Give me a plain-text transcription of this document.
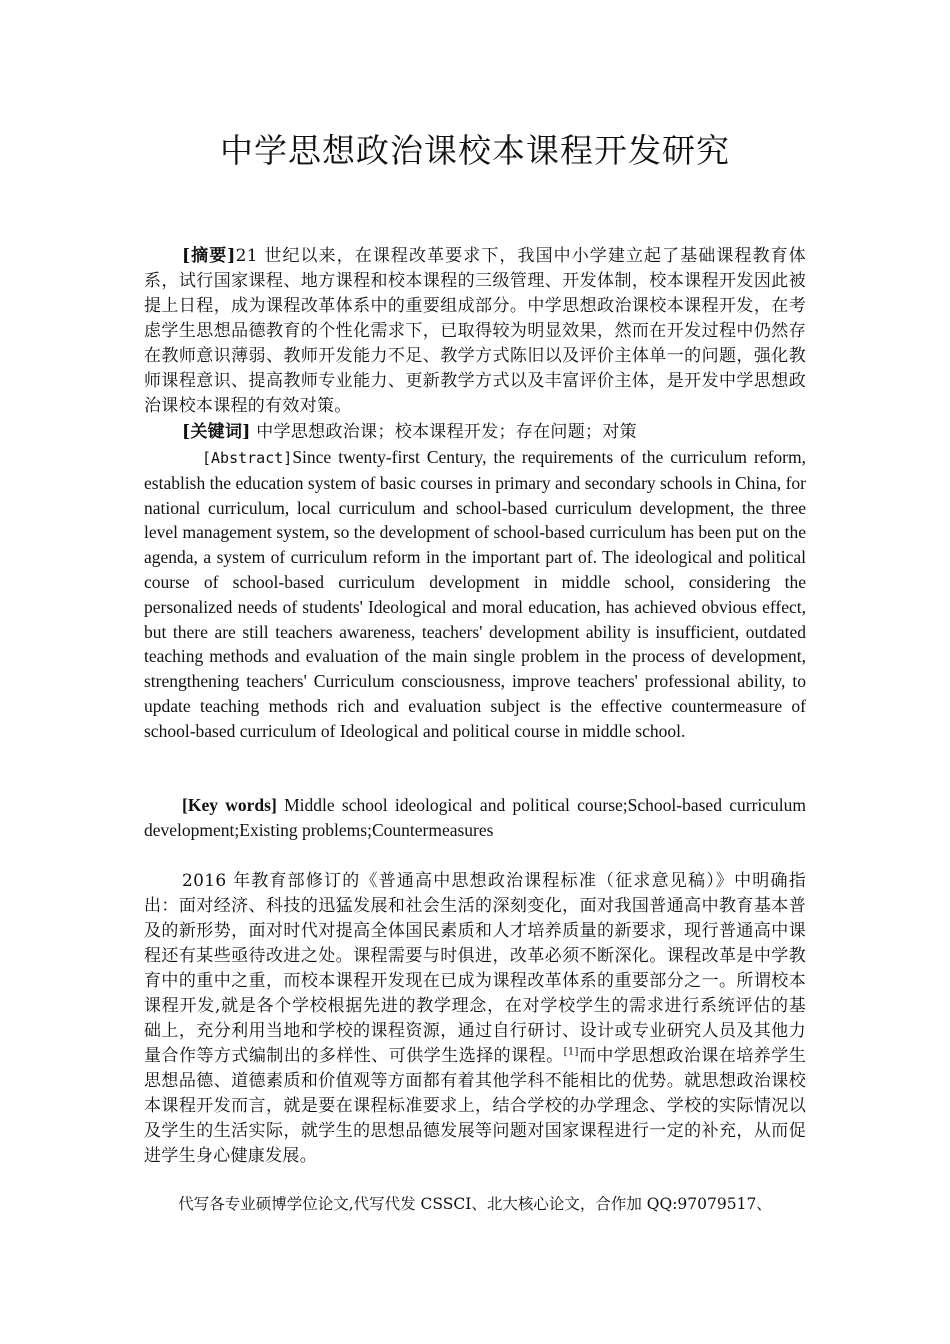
中学思想政治课校本课程开发研究
[摘要]21 世纪以来，在课程改革要求下，我国中小学建立起了基础课程教育体系，试行国家课程、地方课程和校本课程的三级管理、开发体制，校本课程开发因此被提上日程，成为课程改革体系中的重要组成部分。中学思想政治课校本课程开发，在考虑学生思想品德教育的个性化需求下，已取得较为明显效果，然而在开发过程中仍然存在教师意识薄弱、教师开发能力不足、教学方式陈旧以及评价主体单一的问题，强化教师课程意识、提高教师专业能力、更新教学方式以及丰富评价主体，是开发中学思想政治课校本课程的有效对策。
[关键词] 中学思想政治课；校本课程开发；存在问题；对策
[Abstract]Since twenty-first Century, the requirements of the curriculum reform, establish the education system of basic courses in primary and secondary schools in China, for national curriculum, local curriculum and school-based curriculum development, the three level management system, so the development of school-based curriculum has been put on the agenda, a system of curriculum reform in the important part of. The ideological and political course of school-based curriculum development in middle school, considering the personalized needs of students' Ideological and moral education, has achieved obvious effect, but there are still teachers awareness, teachers' development ability is insufficient, outdated teaching methods and evaluation of the main single problem in the process of development, strengthening teachers' Curriculum consciousness, improve teachers' professional ability, to update teaching methods rich and evaluation subject is the effective countermeasure of school-based curriculum of Ideological and political course in middle school.
[Key words] Middle school ideological and political course;School-based curriculum development;Existing problems;Countermeasures
2016 年教育部修订的《普通高中思想政治课程标准（征求意见稿）》中明确指出：面对经济、科技的迅猛发展和社会生活的深刻变化，面对我国普通高中教育基本普及的新形势，面对时代对提高全体国民素质和人才培养质量的新要求，现行普通高中课程还有某些亟待改进之处。课程需要与时俱进，改革必须不断深化。课程改革是中学教育中的重中之重，而校本课程开发现在已成为课程改革体系的重要部分之一。所谓校本课程开发,就是各个学校根据先进的教学理念，在对学校学生的需求进行系统评估的基础上，充分利用当地和学校的课程资源，通过自行研讨、设计或专业研究人员及其他力量合作等方式编制出的多样性、可供学生选择的课程。[1]而中学思想政治课在培养学生思想品德、道德素质和价值观等方面都有着其他学科不能相比的优势。就思想政治课校本课程开发而言，就是要在课程标准要求上，结合学校的办学理念、学校的实际情况以及学生的生活实际，就学生的思想品德发展等问题对国家课程进行一定的补充，从而促进学生身心健康发展。
代写各专业硕博学位论文,代写代发 CSSCI、北大核心论文，合作加 QQ:97079517、
